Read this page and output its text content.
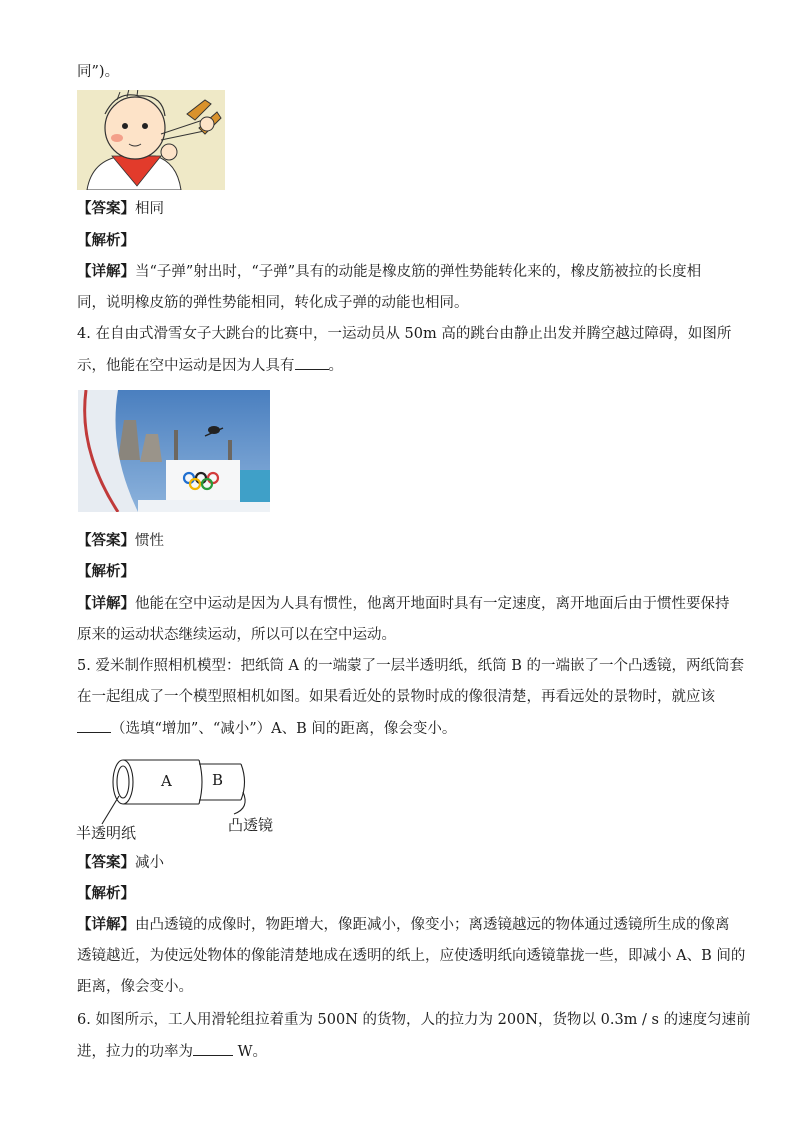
同”)。
【答案】相同
【解析】
【详解】当“子弹”射出时，“子弹”具有的动能是橡皮筋的弹性势能转化来的，橡皮筋被拉的长度相
同，说明橡皮筋的弹性势能相同，转化成子弹的动能也相同。
4. 在自由式滑雪女子大跳台的比赛中，一运动员从 50m 高的跳台由静止出发并腾空越过障碍，如图所
示，他能在空中运动是因为人具有 。
【答案】惯性
【解析】
【详解】他能在空中运动是因为人具有惯性，他离开地面时具有一定速度，离开地面后由于惯性要保持
原来的运动状态继续运动，所以可以在空中运动。
5. 爱米制作照相机模型：把纸筒 A 的一端蒙了一层半透明纸，纸筒 B 的一端嵌了一个凸透镜，两纸筒套
在一起组成了一个模型照相机如图。如果看近处的景物时成的像很清楚，再看远处的景物时，就应该
（选填“增加”、“减小”）A、B 间的距离，像会变小。
A	B
半透明纸	凸透镜
【答案】减小
【解析】
【详解】由凸透镜的成像时，物距增大，像距减小，像变小；离透镜越远的物体通过透镜所生成的像离
透镜越近，为使远处物体的像能清楚地成在透明的纸上，应使透明纸向透镜靠拢一些，即减小 A、B 间的
距离，像会变小。
6. 如图所示，工人用滑轮组拉着重为 500N 的货物，人的拉力为 200N，货物以 0.3m / s 的速度匀速前
进，拉力的功率为	W。
